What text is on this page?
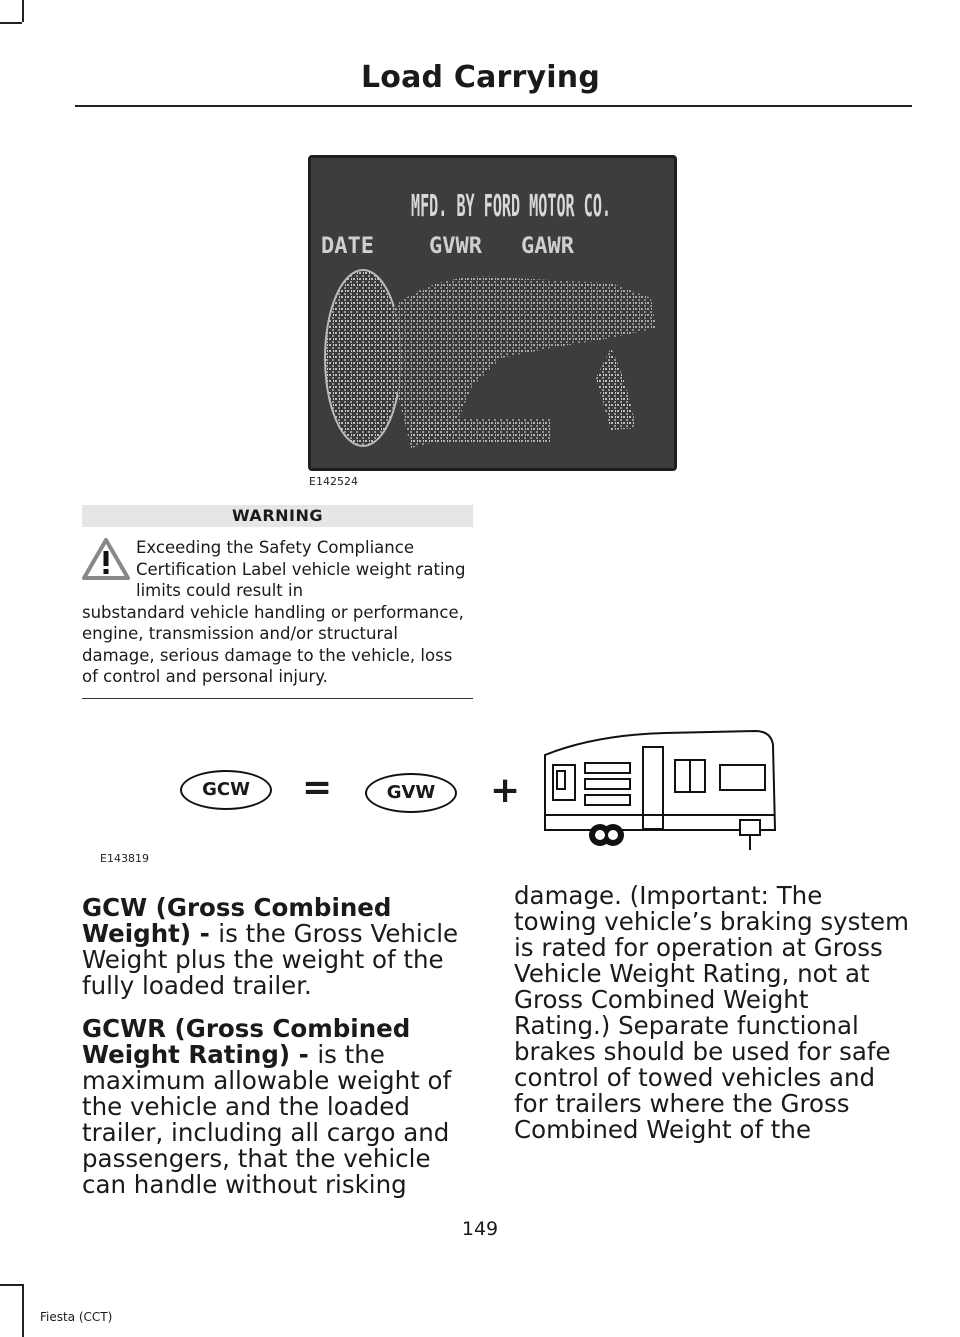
Load Carrying
MFD. BY FORD MOTOR CO.
DATE	GVWR GAWR
E142524
WARNING
Exceeding the Safety Compliance Certification Label vehicle weight rating limits could result in
substandard vehicle handling or performance, engine, transmission and/or structural damage, serious damage to the vehicle, loss of control and personal injury.
GCW	=	GVW	+
E143819

GCW (Gross Combined Weight) - is the Gross Vehicle Weight plus the weight of the fully loaded trailer.

GCWR (Gross Combined Weight Rating) - is the maximum allowable weight of the vehicle and the loaded trailer, including all cargo and passengers, that the vehicle can handle without risking

damage. (Important: The towing vehicle’s braking system is rated for operation at Gross Vehicle Weight Rating, not at Gross Combined Weight Rating.) Separate functional brakes should be used for safe control of towed vehicles and for trailers where the Gross Combined Weight of the

149
Fiesta (CCT)
